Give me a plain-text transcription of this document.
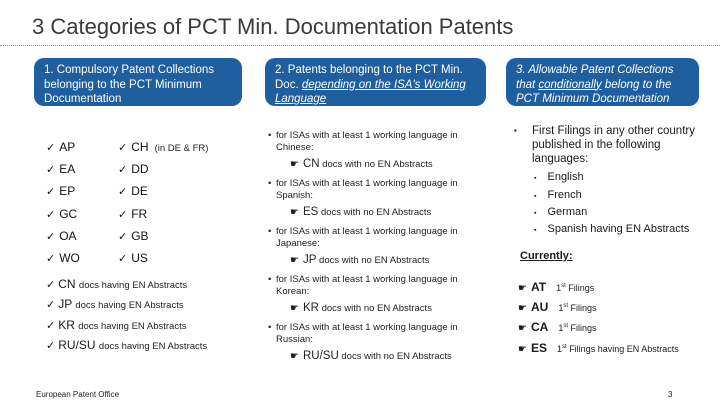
3 Categories of PCT Min. Documentation Patents
1. Compulsory Patent Collections belonging to the PCT Minimum Documentation
✓ AP
✓ EA
✓ EP
✓ GC
✓ OA
✓ WO
✓ CH (in DE & FR)
✓ DD
✓ DE
✓ FR
✓ GB
✓ US
✓ CN docs having EN Abstracts
✓ JP docs having EN Abstracts
✓ KR docs having EN Abstracts
✓ RU/SU docs having EN Abstracts
2. Patents belonging to the PCT Min. Doc. depending on the ISA's Working Language
• for ISAs with at least 1 working language in Chinese:
☛ CN docs with no EN Abstracts
• for ISAs with at least 1 working language in Spanish:
☛ ES docs with no EN Abstracts
• for ISAs with at least 1 working language in Japanese:
☛ JP docs with no EN Abstracts
• for ISAs with at least 1 working language in Korean:
☛ KR docs with no EN Abstracts
• for ISAs with at least 1 working language in Russian:
☛ RU/SU docs with no EN Abstracts
3. Allowable Patent Collections that conditionally belong to the PCT Minimum Documentation
▪	First Filings in any other country published in the following languages:
▪ English
▪ French
▪ German
▪ Spanish having EN Abstracts
Currently:
☛ AT 1st Filings
☛ AU 1st Filings
☛ CA 1st Filings
☛ ES 1st Filings having EN Abstracts
European Patent Office	3
